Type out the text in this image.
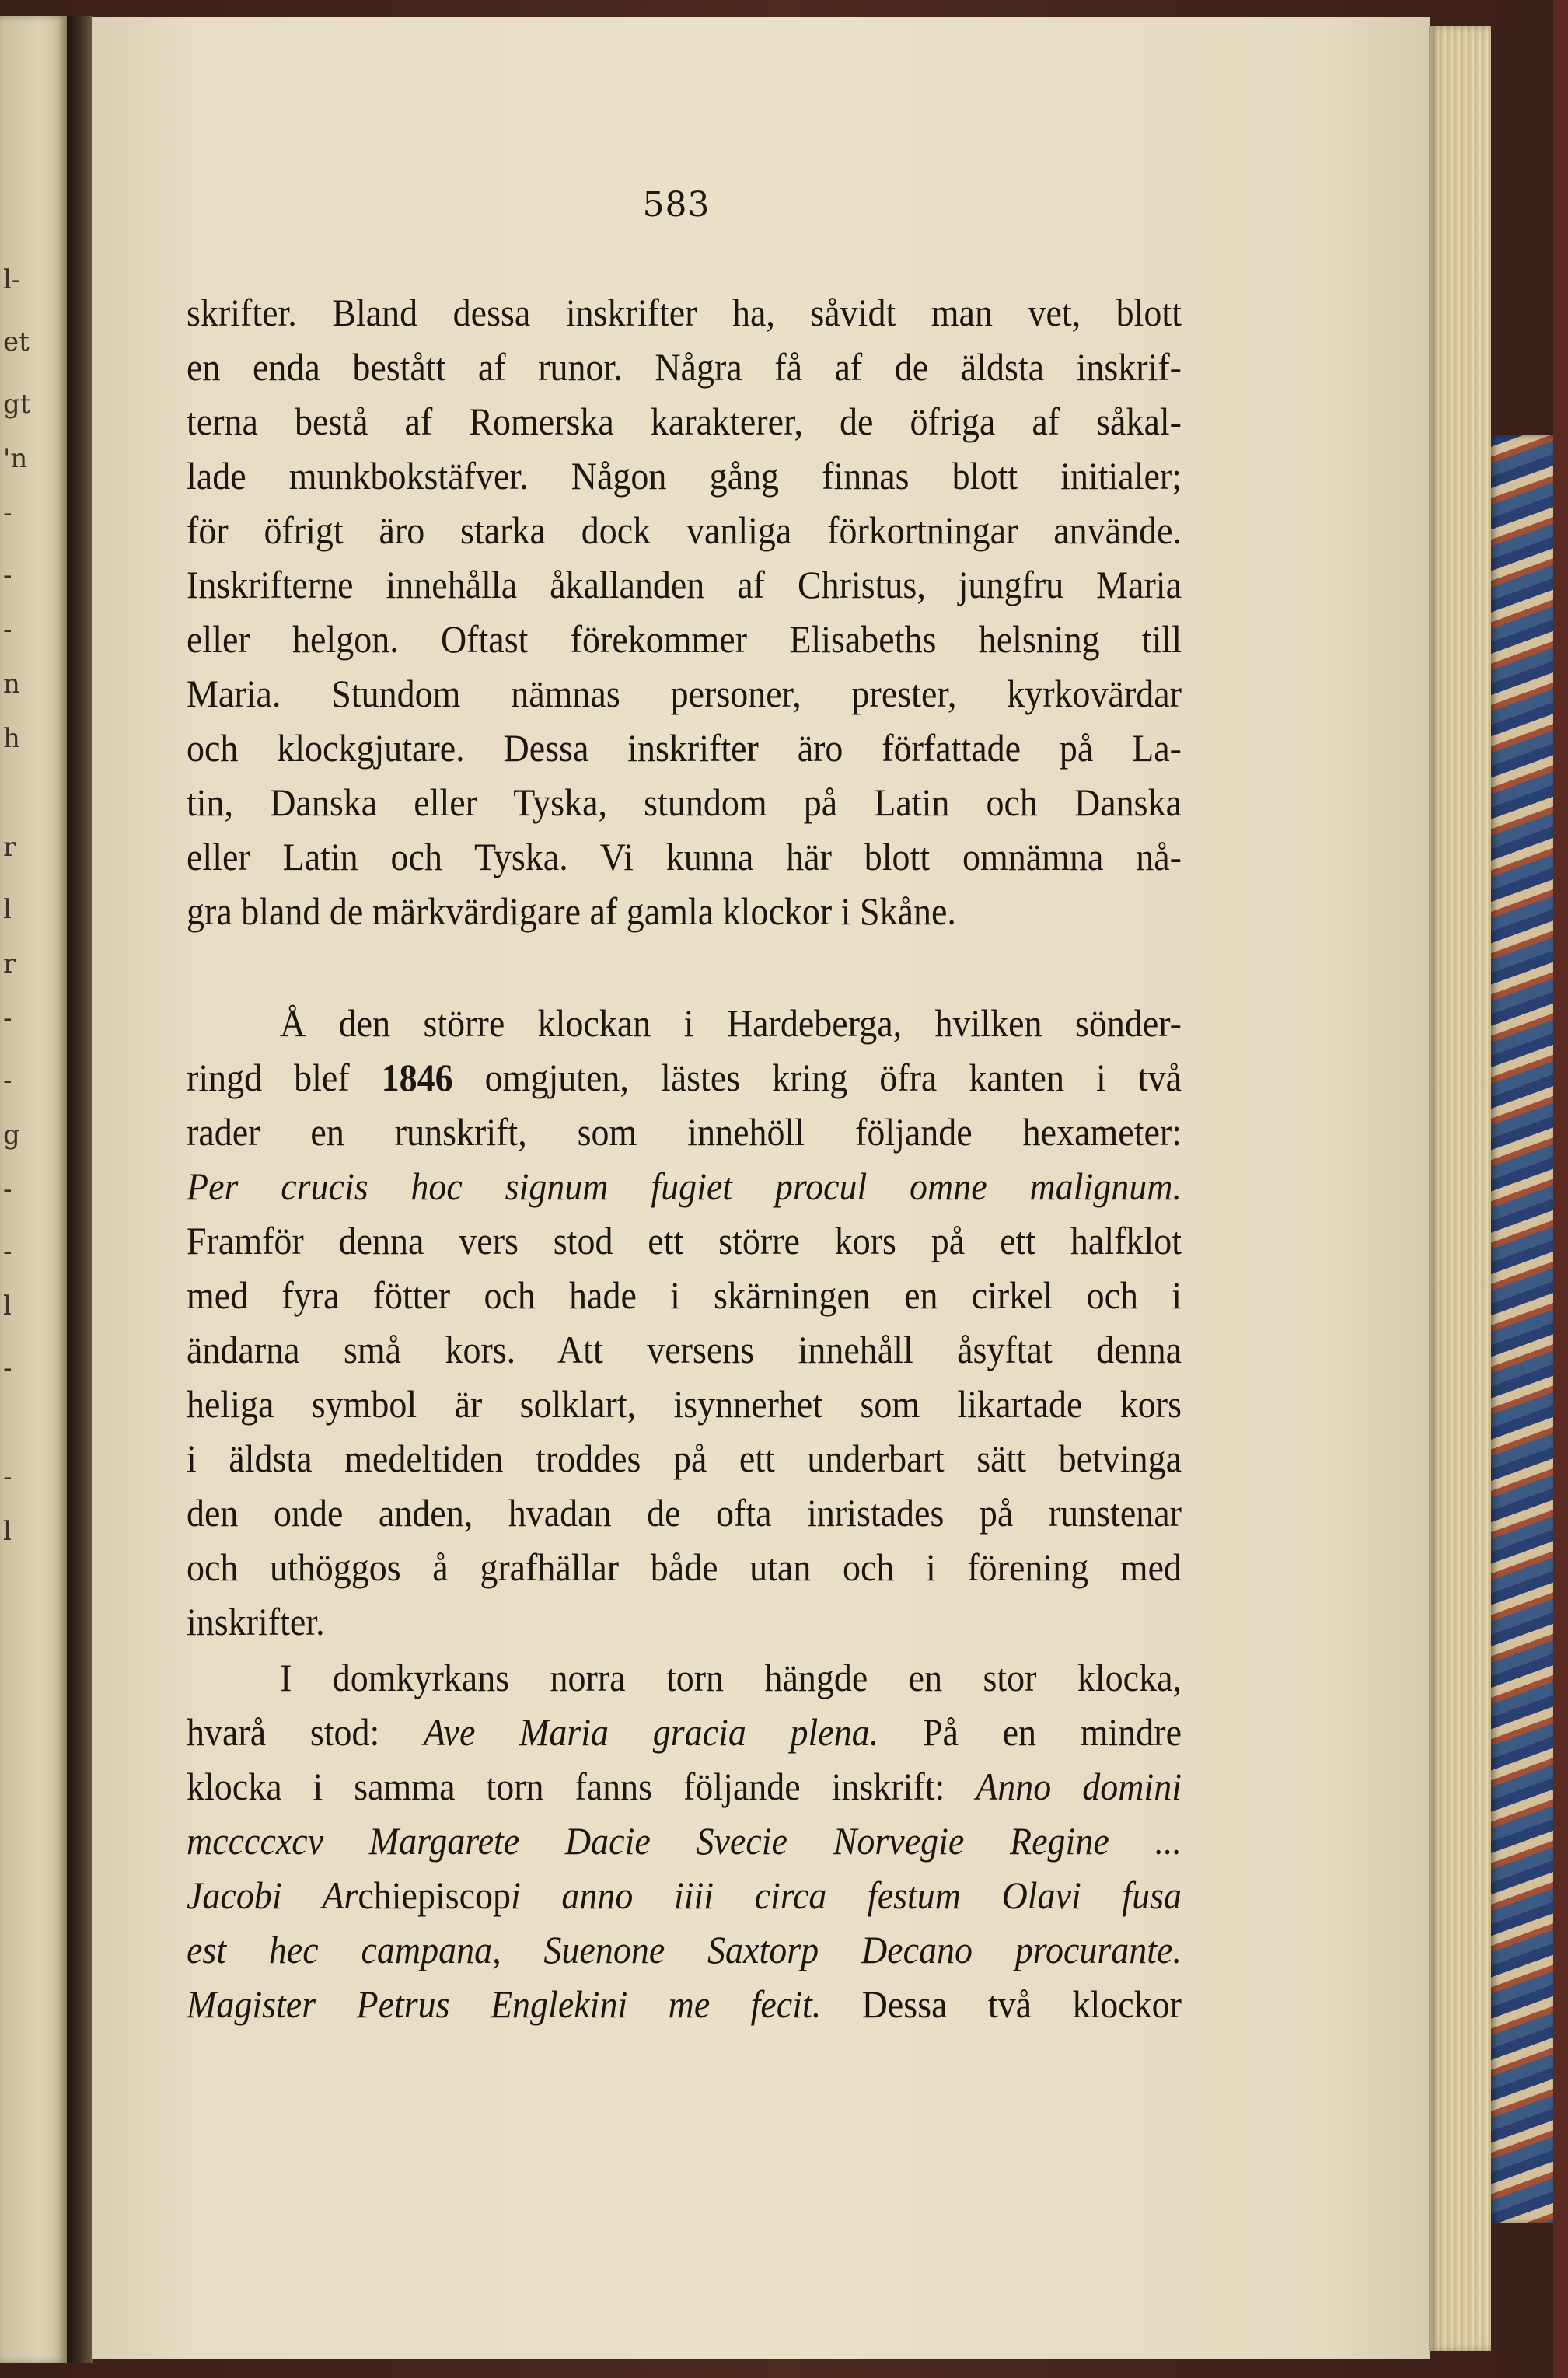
l-
et
gt
'n
-
-
-
n
h
r
l
r
-
-
g
-
-
l
-
-
l
583
skrifter. Bland dessa inskrifter ha, såvidt man vet, blott
en enda bestått af runor. Några få af de äldsta inskrif-
terna bestå af Romerska karakterer, de öfriga af såkal-
lade munkbokstäfver. Någon gång finnas blott initialer;
för öfrigt äro starka dock vanliga förkortningar använde.
Inskrifterne innehålla åkallanden af Christus, jungfru Maria
eller helgon. Oftast förekommer Elisabeths helsning till
Maria. Stundom nämnas personer, prester, kyrkovärdar
och klockgjutare. Dessa inskrifter äro författade på La-
tin, Danska eller Tyska, stundom på Latin och Danska
eller Latin och Tyska. Vi kunna här blott omnämna nå-
gra bland de märkvärdigare af gamla klockor i Skåne.
Å den större klockan i Hardeberga, hvilken sönder-
ringd blef 1846 omgjuten, lästes kring öfra kanten i två
rader en runskrift, som innehöll följande hexameter:
Per crucis hoc signum fugiet procul omne malignum.
Framför denna vers stod ett större kors på ett halfklot
med fyra fötter och hade i skärningen en cirkel och i
ändarna små kors. Att versens innehåll åsyftat denna
heliga symbol är solklart, isynnerhet som likartade kors
i äldsta medeltiden troddes på ett underbart sätt betvinga
den onde anden, hvadan de ofta inristades på runstenar
och uthöggos å grafhällar både utan och i förening med
inskrifter.
I domkyrkans norra torn hängde en stor klocka,
hvarå stod: Ave Maria gracia plena. På en mindre
klocka i samma torn fanns följande inskrift: Anno domini
mccccxcv Margarete Dacie Svecie Norvegie Regine ...
Jacobi Archiepiscopi anno iiii circa festum Olavi fusa
est hec campana, Suenone Saxtorp Decano procurante.
Magister Petrus Englekini me fecit. Dessa två klockor
